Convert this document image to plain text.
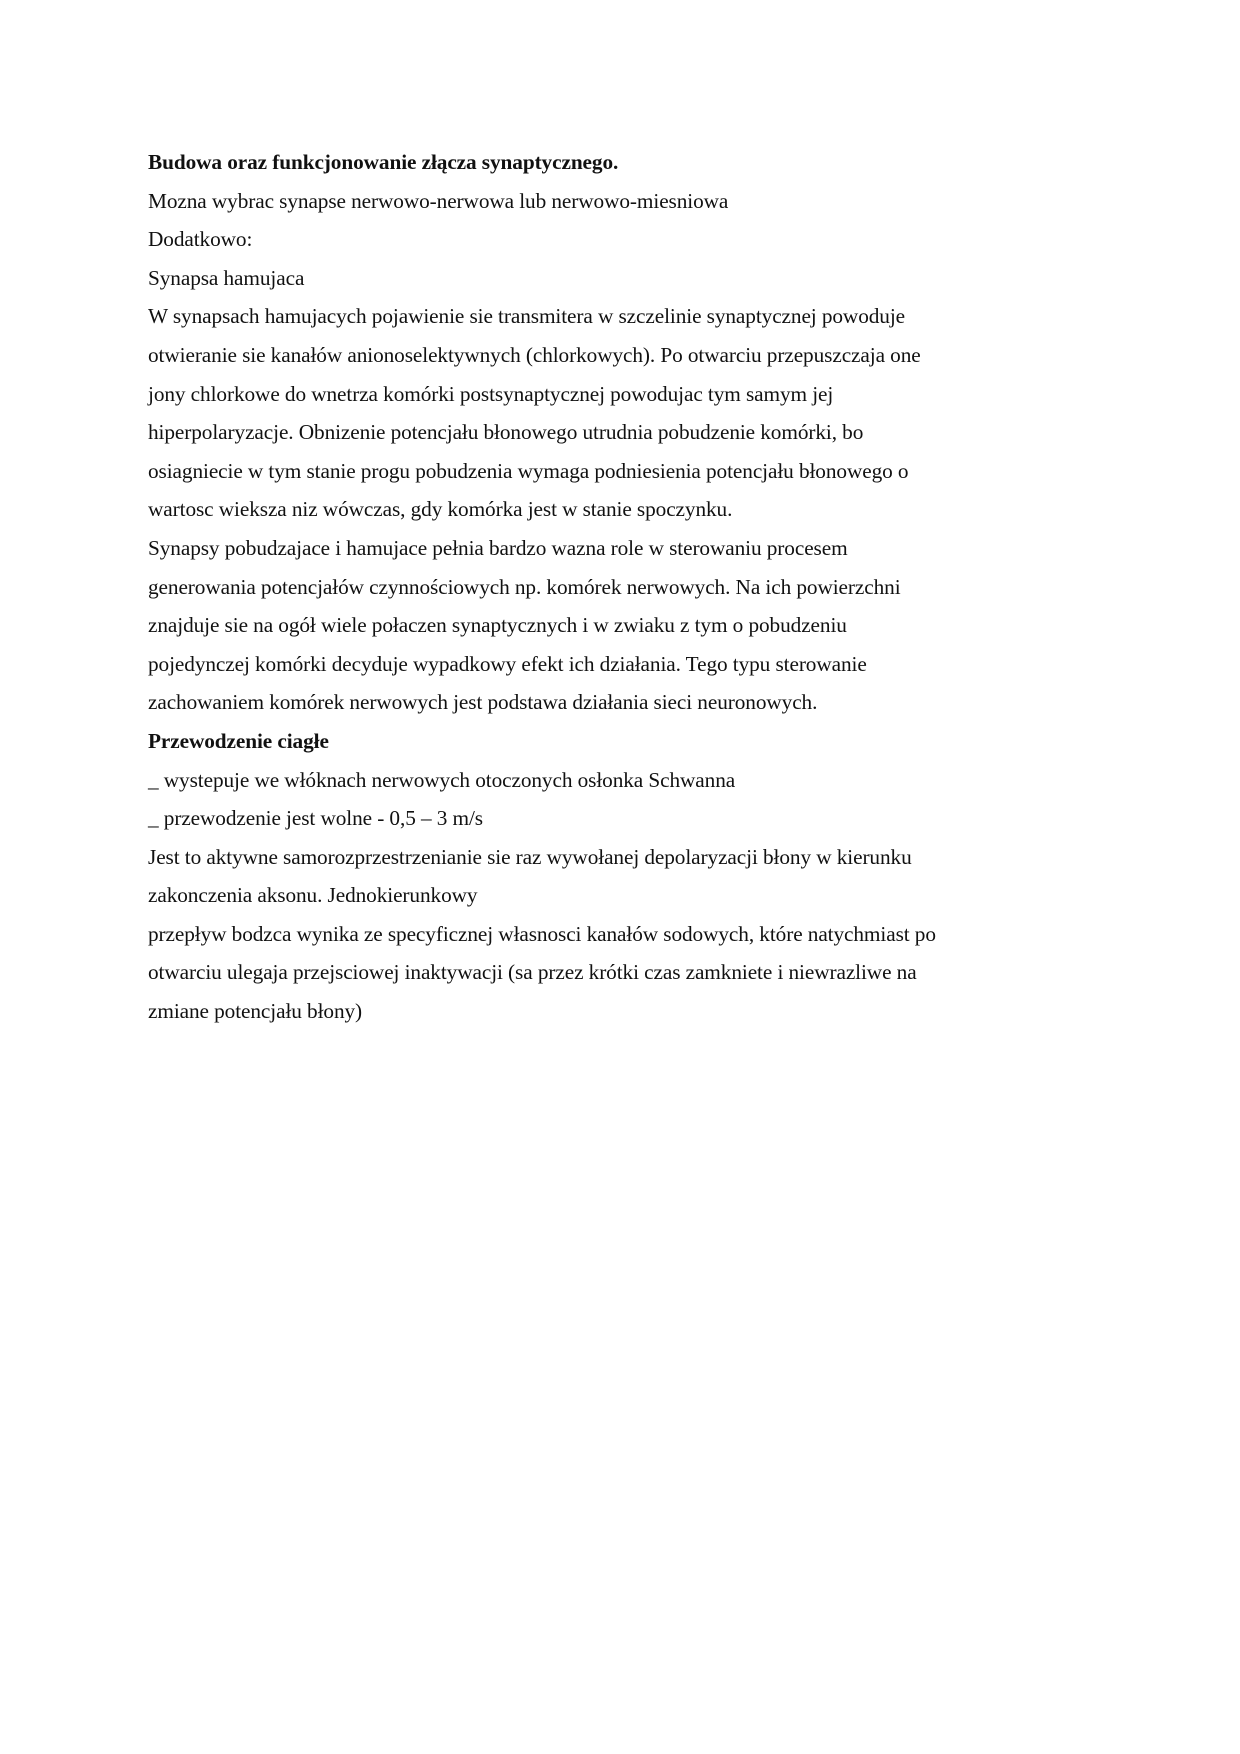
Budowa oraz funkcjonowanie złącza synaptycznego.
Mozna wybrac synapse nerwowo-nerwowa lub nerwowo-miesniowa
Dodatkowo:
Synapsa hamujaca
W synapsach hamujacych pojawienie sie transmitera w szczelinie synaptycznej powoduje
otwieranie sie kanałów anionoselektywnych (chlorkowych). Po otwarciu przepuszczaja one
jony chlorkowe do wnetrza komórki postsynaptycznej powodujac tym samym jej
hiperpolaryzacje. Obnizenie potencjału błonowego utrudnia pobudzenie komórki, bo
osiagniecie w tym stanie progu pobudzenia wymaga podniesienia potencjału błonowego o
wartosc wieksza niz wówczas, gdy komórka jest w stanie spoczynku.
Synapsy pobudzajace i hamujace pełnia bardzo wazna role w sterowaniu procesem
generowania potencjałów czynnościowych np. komórek nerwowych. Na ich powierzchni
znajduje sie na ogół wiele połaczen synaptycznych i w zwiaku z tym o pobudzeniu
pojedynczej komórki decyduje wypadkowy efekt ich działania. Tego typu sterowanie
zachowaniem komórek nerwowych jest podstawa działania sieci neuronowych.
Przewodzenie ciagłe
_ wystepuje we włóknach nerwowych otoczonych osłonka Schwanna
_ przewodzenie jest wolne - 0,5 – 3 m/s
Jest to aktywne samorozprzestrzenianie sie raz wywołanej depolaryzacji błony w kierunku
zakonczenia aksonu. Jednokierunkowy
przepływ bodzca wynika ze specyficznej własnosci kanałów sodowych, które natychmiast po
otwarciu ulegaja przejsciowej inaktywacji (sa przez krótki czas zamkniete i niewrazliwe na
zmiane potencjału błony)
